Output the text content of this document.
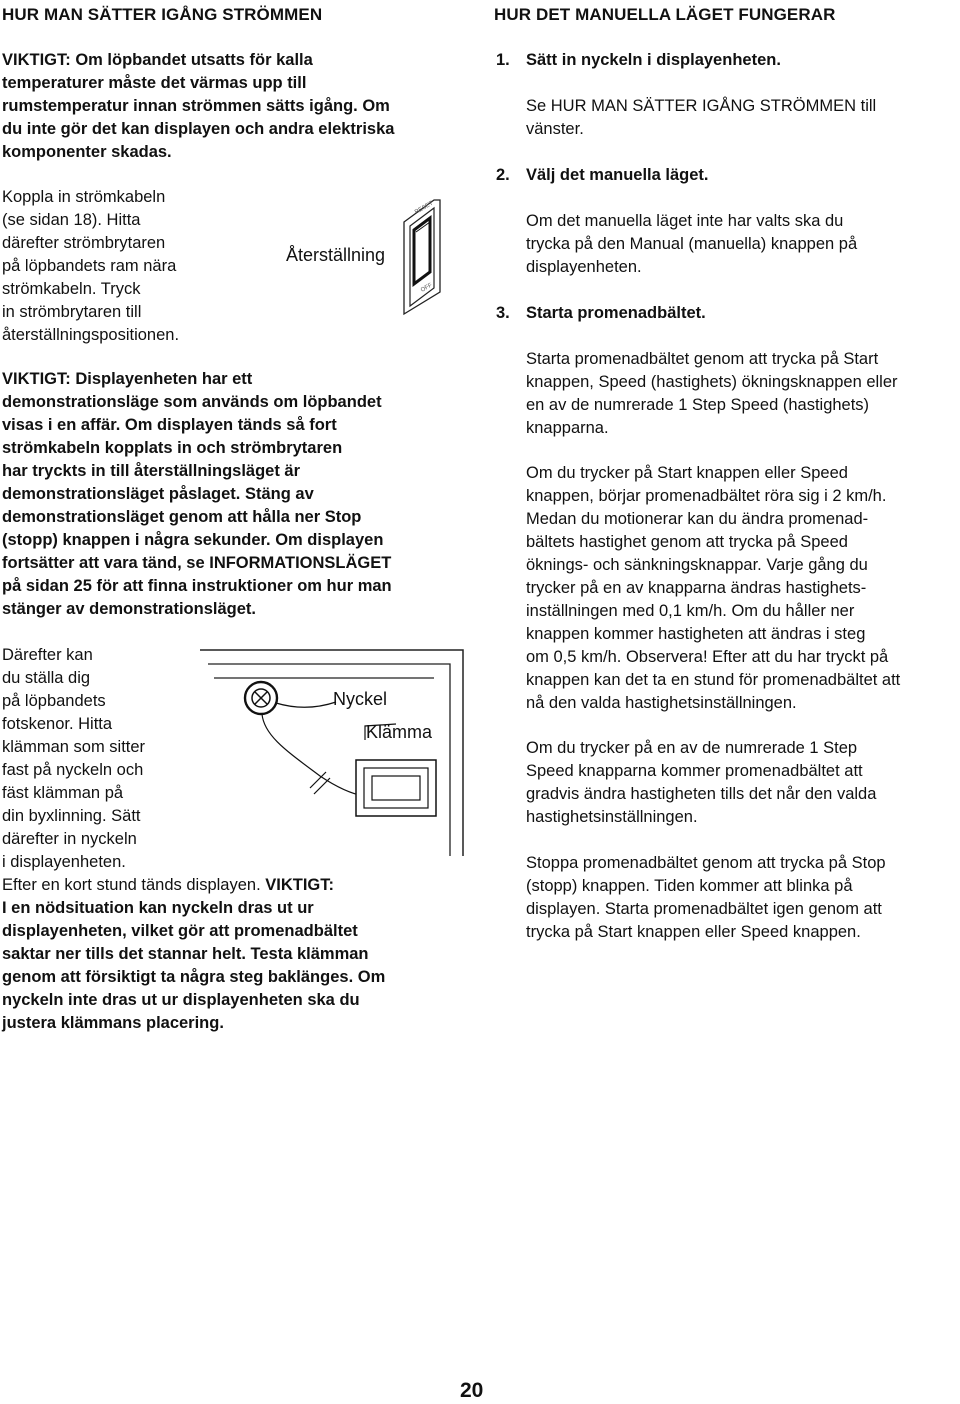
HUR MAN SÄTTER IGÅNG STRÖMMEN

VIKTIGT: Om löpbandet utsatts för kalla
temperaturer måste det värmas upp till
rumstemperatur innan strömmen sätts igång. Om
du inte gör det kan displayen och andra elektriska
komponenter skadas.

Koppla in strömkabeln
(se sidan 18). Hitta
därefter strömbrytaren
på löpbandets ram nära
strömkabeln. Tryck
in strömbrytaren till
återställningspositionen.

Återställning
RESET
OFF

VIKTIGT: Displayenheten har ett
demonstrationsläge som används om löpbandet
visas i en affär. Om displayen tänds så fort
strömkabeln kopplats in och strömbrytaren
har tryckts in till återställningsläget är
demonstrationsläget påslaget. Stäng av
demonstrationsläget genom att hålla ner Stop
(stopp) knappen i några sekunder. Om displayen
fortsätter att vara tänd, se INFORMATIONSLÄGET
på sidan 25 för att finna instruktioner om hur man
stänger av demonstrationsläget.

Därefter kan
du ställa dig
på löpbandets
fotskenor. Hitta
klämman som sitter
fast på nyckeln och
fäst klämman på
din byxlinning. Sätt
därefter in nyckeln
i displayenheten.

Nyckel
Klämma

Efter en kort stund tänds displayen. VIKTIGT:
I en nödsituation kan nyckeln dras ut ur
displayenheten, vilket gör att promenadbältet
saktar ner tills det stannar helt. Testa klämman
genom att försiktigt ta några steg baklänges. Om
nyckeln inte dras ut ur displayenheten ska du
justera klämmans placering.

HUR DET MANUELLA LÄGET FUNGERAR

1. Sätt in nyckeln i displayenheten.

Se HUR MAN SÄTTER IGÅNG STRÖMMEN till
vänster.

2. Välj det manuella läget.

Om det manuella läget inte har valts ska du
trycka på den Manual (manuella) knappen på
displayenheten.

3. Starta promenadbältet.

Starta promenadbältet genom att trycka på Start
knappen, Speed (hastighets) ökningsknappen eller
en av de numrerade 1 Step Speed (hastighets)
knapparna.

Om du trycker på Start knappen eller Speed
knappen, börjar promenadbältet röra sig i 2 km/h.
Medan du motionerar kan du ändra promenad-
bältets hastighet genom att trycka på Speed
öknings- och sänkningsknappar. Varje gång du
trycker på en av knapparna ändras hastighets-
inställningen med 0,1 km/h. Om du håller ner
knappen kommer hastigheten att ändras i steg
om 0,5 km/h. Observera! Efter att du har tryckt på
knappen kan det ta en stund för promenadbältet att
nå den valda hastighetsinställningen.

Om du trycker på en av de numrerade 1 Step
Speed knapparna kommer promenadbältet att
gradvis ändra hastigheten tills det når den valda
hastighetsinställningen.

Stoppa promenadbältet genom att trycka på Stop
(stopp) knappen. Tiden kommer att blinka på
displayen. Starta promenadbältet igen genom att
trycka på Start knappen eller Speed knappen.

20
